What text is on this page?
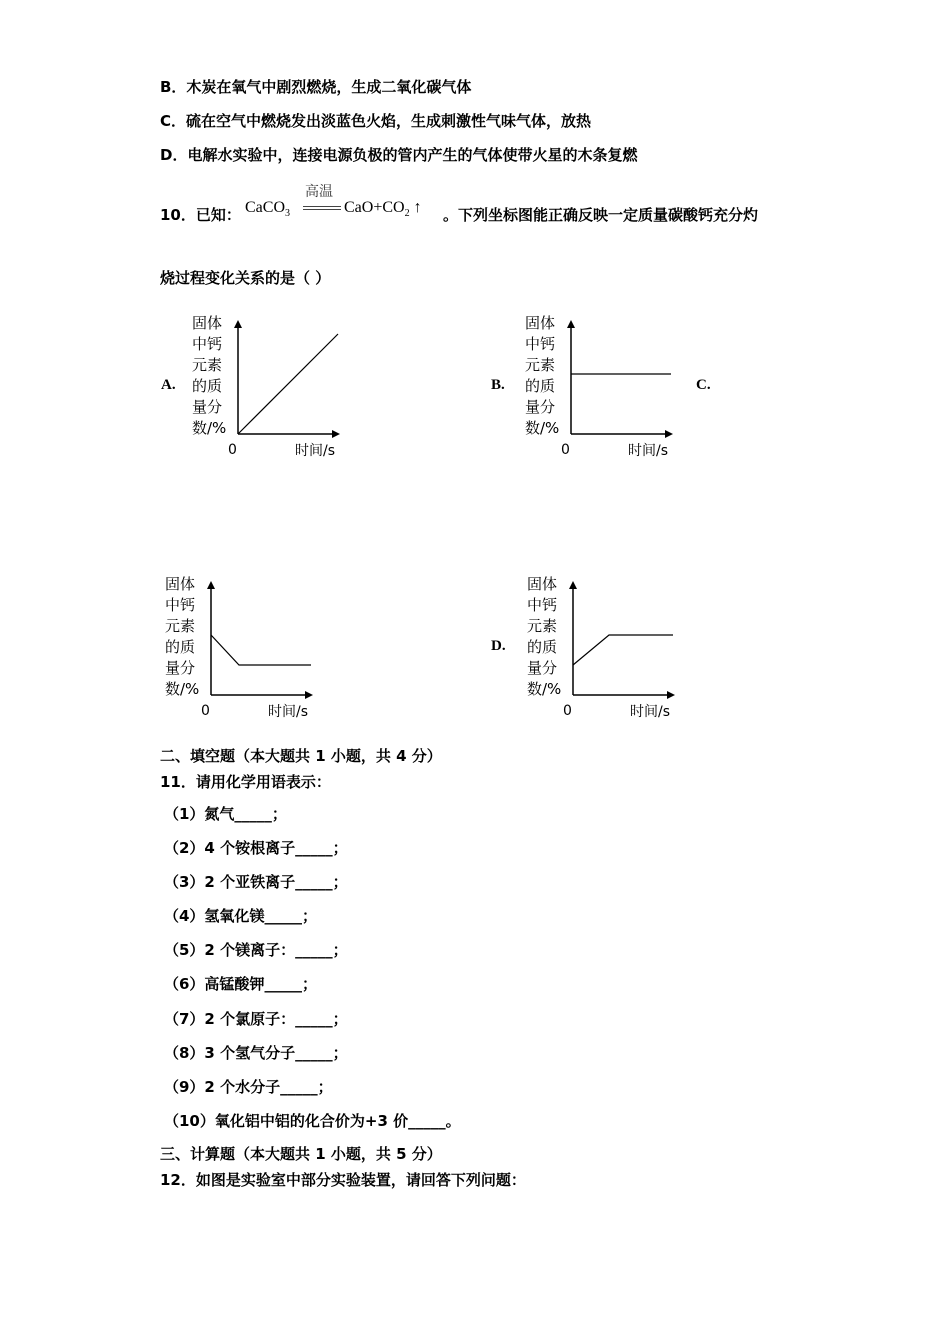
B．木炭在氧气中剧烈燃烧，生成二氧化碳气体
C．硫在空气中燃烧发出淡蓝色火焰，生成刺激性气味气体，放热
D．电解水实验中，连接电源负极的管内产生的气体使带火星的木条复燃
10．已知： CaCO$_3$
高温
$CaO+CO_2$ ↑ 。下列坐标图能正确反映一定质量碳酸钙充分灼
烧过程变化关系的是（ ）
A.	B.	C.
D.
固体
中钙
元素
的质
量分
数/%
0	时间/s
固体
中钙
元素
的质
量分
数/%
0	时间/s
固体
中钙
元素
的质
量分
数/%
0	时间/s
固体
中钙
元素
的质
量分
数/%
0	时间/s
二、填空题（本大题共 1 小题，共 4 分）
11．请用化学用语表示：
（1）氮气_____；
（2）4 个铵根离子_____；
（3）2 个亚铁离子_____；
（4）氢氧化镁_____；
（5）2 个镁离子：_____；
（6）高锰酸钾_____；
（7）2 个氯原子：_____；
（8）3 个氢气分子_____；
（9）2 个水分子_____；
（10）氧化铝中铝的化合价为+3 价_____。
三、计算题（本大题共 1 小题，共 5 分）
12．如图是实验室中部分实验装置，请回答下列问题：
